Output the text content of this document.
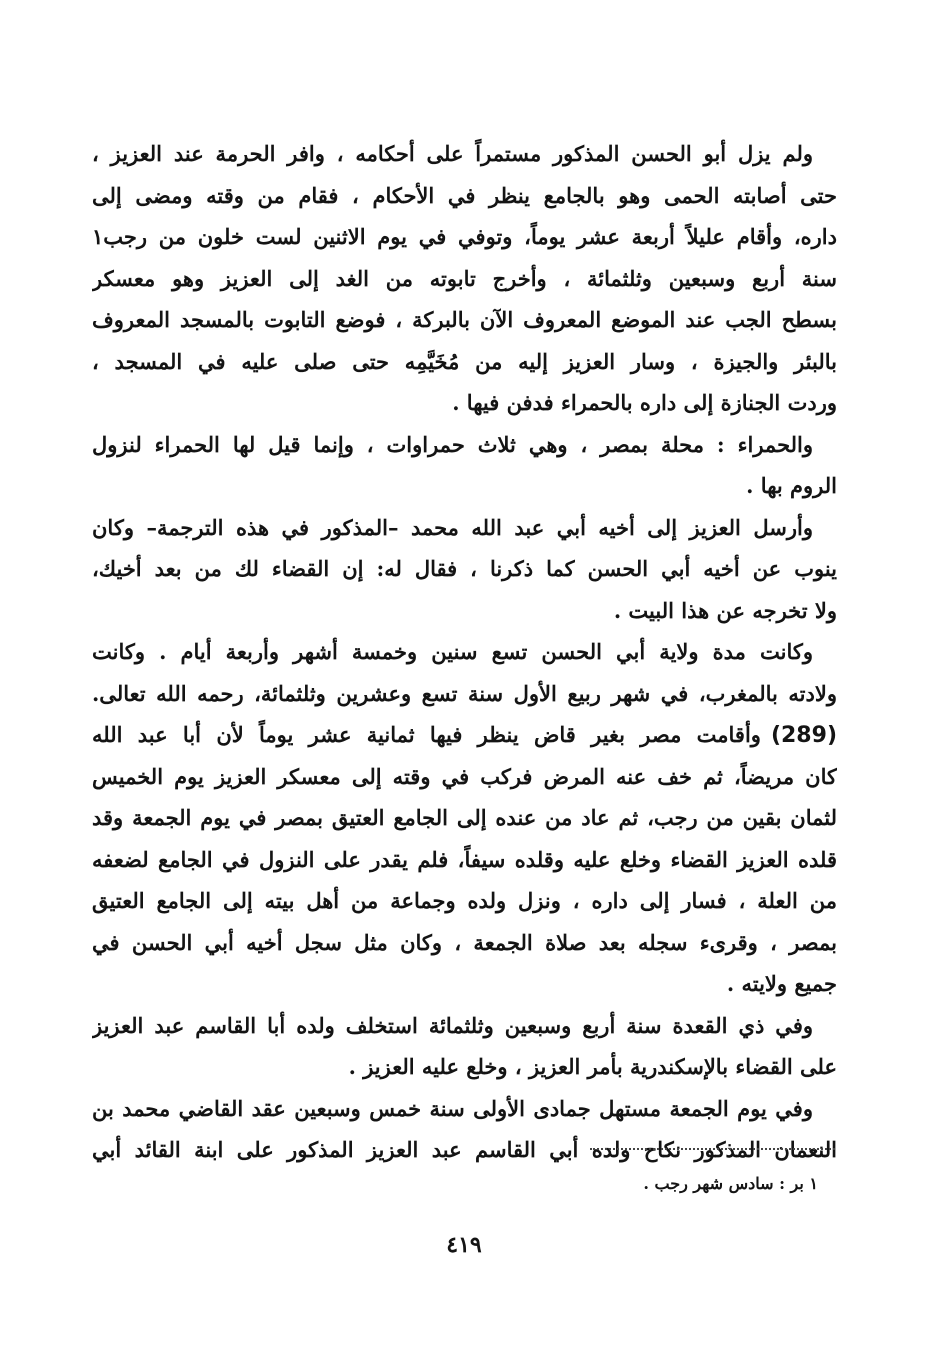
ولم يزل أبو الحسن المذكور مستمراً على أحكامه ، وافر الحرمة عند العزيز ،
حتى أصابته الحمى وهو بالجامع ينظر في الأحكام ، فقام من وقته ومضى إلى
داره، وأقام عليلاً أربعة عشر يوماً، وتوفي في يوم الاثنين لست خلون من رجب١
سنة أربع وسبعين وثلثمائة ، وأخرج تابوته من الغد إلى العزيز وهو معسكر
بسطح الجب عند الموضع المعروف الآن بالبركة ، فوضع التابوت بالمسجد المعروف
بالبئر والجيزة ، وسار العزيز إليه من مُخَيَّمِه حتى صلى عليه في المسجد ،
وردت الجنازة إلى داره بالحمراء فدفن فيها .
والحمراء : محلة بمصر ، وهي ثلاث حمراوات ، وإنما قيل لها الحمراء لنزول
الروم بها .
وأرسل العزيز إلى أخيه أبي عبد الله محمد –المذكور في هذه الترجمة– وكان
ينوب عن أخيه أبي الحسن كما ذكرنا ، فقال له: إن القضاء لك من بعد أخيك،
ولا تخرجه عن هذا البيت .
وكانت مدة ولاية أبي الحسن تسع سنين وخمسة أشهر وأربعة أيام . وكانت
ولادته بالمغرب، في شهر ربيع الأول سنة تسع وعشرين وثلثمائة، رحمه الله تعالى.
(289)وأقامت مصر بغير قاض ينظر فيها ثمانية عشر يوماً لأن أبا عبد الله
كان مريضاً، ثم خف عنه المرض فركب في وقته إلى معسكر العزيز يوم الخميس
لثمان بقين من رجب، ثم عاد من عنده إلى الجامع العتيق بمصر في يوم الجمعة وقد
قلده العزيز القضاء وخلع عليه وقلده سيفاً، فلم يقدر على النزول في الجامع لضعفه
من العلة ، فسار إلى داره ، ونزل ولده وجماعة من أهل بيته إلى الجامع العتيق
بمصر ، وقرىء سجله بعد صلاة الجمعة ، وكان مثل سجل أخيه أبي الحسن في
جميع ولايته .
وفي ذي القعدة سنة أربع وسبعين وثلثمائة استخلف ولده أبا القاسم عبد العزيز
على القضاء بالإسكندرية بأمر العزيز ، وخلع عليه العزيز .
وفي يوم الجمعة مستهل جمادى الأولى سنة خمس وسبعين عقد القاضي محمد بن
النعمان المذكور نكاح ولده أبي القاسم عبد العزيز المذكور على ابنة القائد أبي
١ بر : سادس شهر رجب .
٤١٩
